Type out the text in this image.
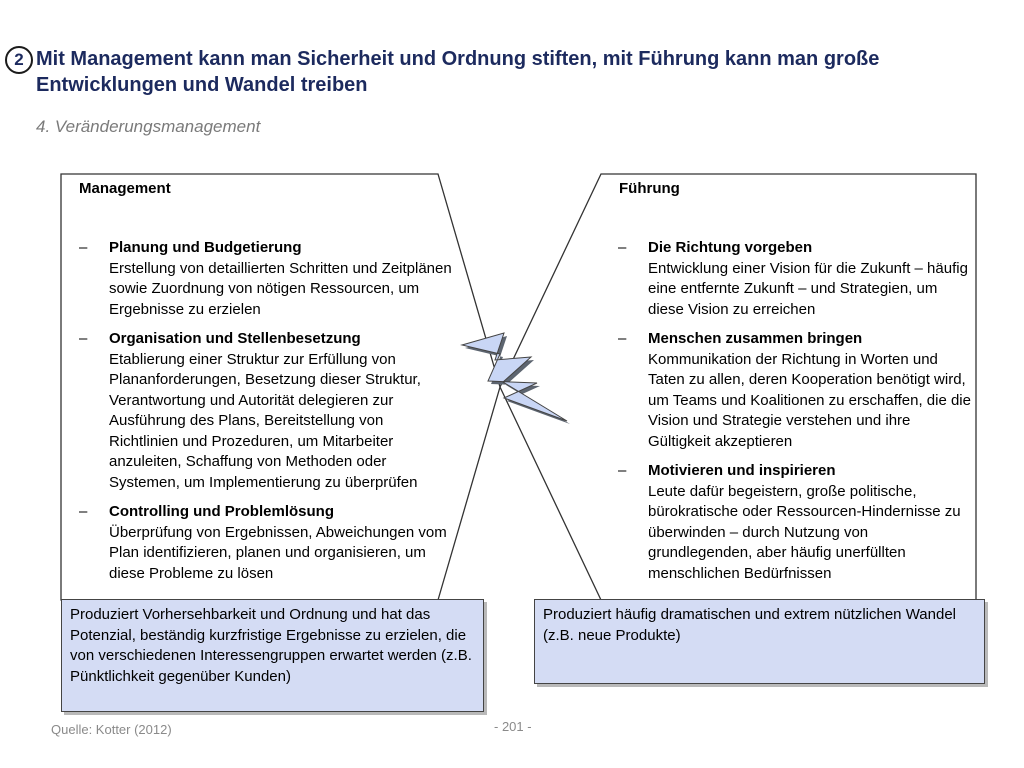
2 Mit Management kann man Sicherheit und Ordnung stiften, mit Führung kann man große Entwicklungen und Wandel treiben
4. Veränderungsmanagement
Management
– Planung und Budgetierung
Erstellung von detaillierten Schritten und Zeitplänen sowie Zuordnung von nötigen Ressourcen, um Ergebnisse zu erzielen
– Organisation und Stellenbesetzung
Etablierung einer Struktur zur Erfüllung von Plananforderungen, Besetzung dieser Struktur, Verantwortung und Autorität delegieren zur Ausführung des Plans, Bereitstellung von Richtlinien und Prozeduren, um Mitarbeiter anzuleiten, Schaffung von Methoden oder Systemen, um Implementierung zu überprüfen
– Controlling und Problemlösung
Überprüfung von Ergebnissen, Abweichungen vom Plan identifizieren, planen und organisieren, um diese Probleme zu lösen
Führung
– Die Richtung vorgeben
Entwicklung einer Vision für die Zukunft – häufig eine entfernte Zukunft – und Strategien, um diese Vision zu erreichen
– Menschen zusammen bringen
Kommunikation der Richtung in Worten und Taten zu allen, deren Kooperation benötigt wird, um Teams und Koalitionen zu erschaffen, die die Vision und Strategie verstehen und ihre Gültigkeit akzeptieren
– Motivieren und inspirieren
Leute dafür begeistern, große politische, bürokratische oder Ressourcen-Hindernisse zu überwinden – durch Nutzung von grundlegenden, aber häufig unerfüllten menschlichen Bedürfnissen
Produziert Vorhersehbarkeit und Ordnung und hat das Potenzial, beständig kurzfristige Ergebnisse zu erzielen, die von verschiedenen Interessengruppen erwartet werden (z.B. Pünktlichkeit gegenüber Kunden)
Produziert häufig dramatischen und extrem nützlichen Wandel (z.B. neue Produkte)
Quelle: Kotter (2012)	- 201 -
